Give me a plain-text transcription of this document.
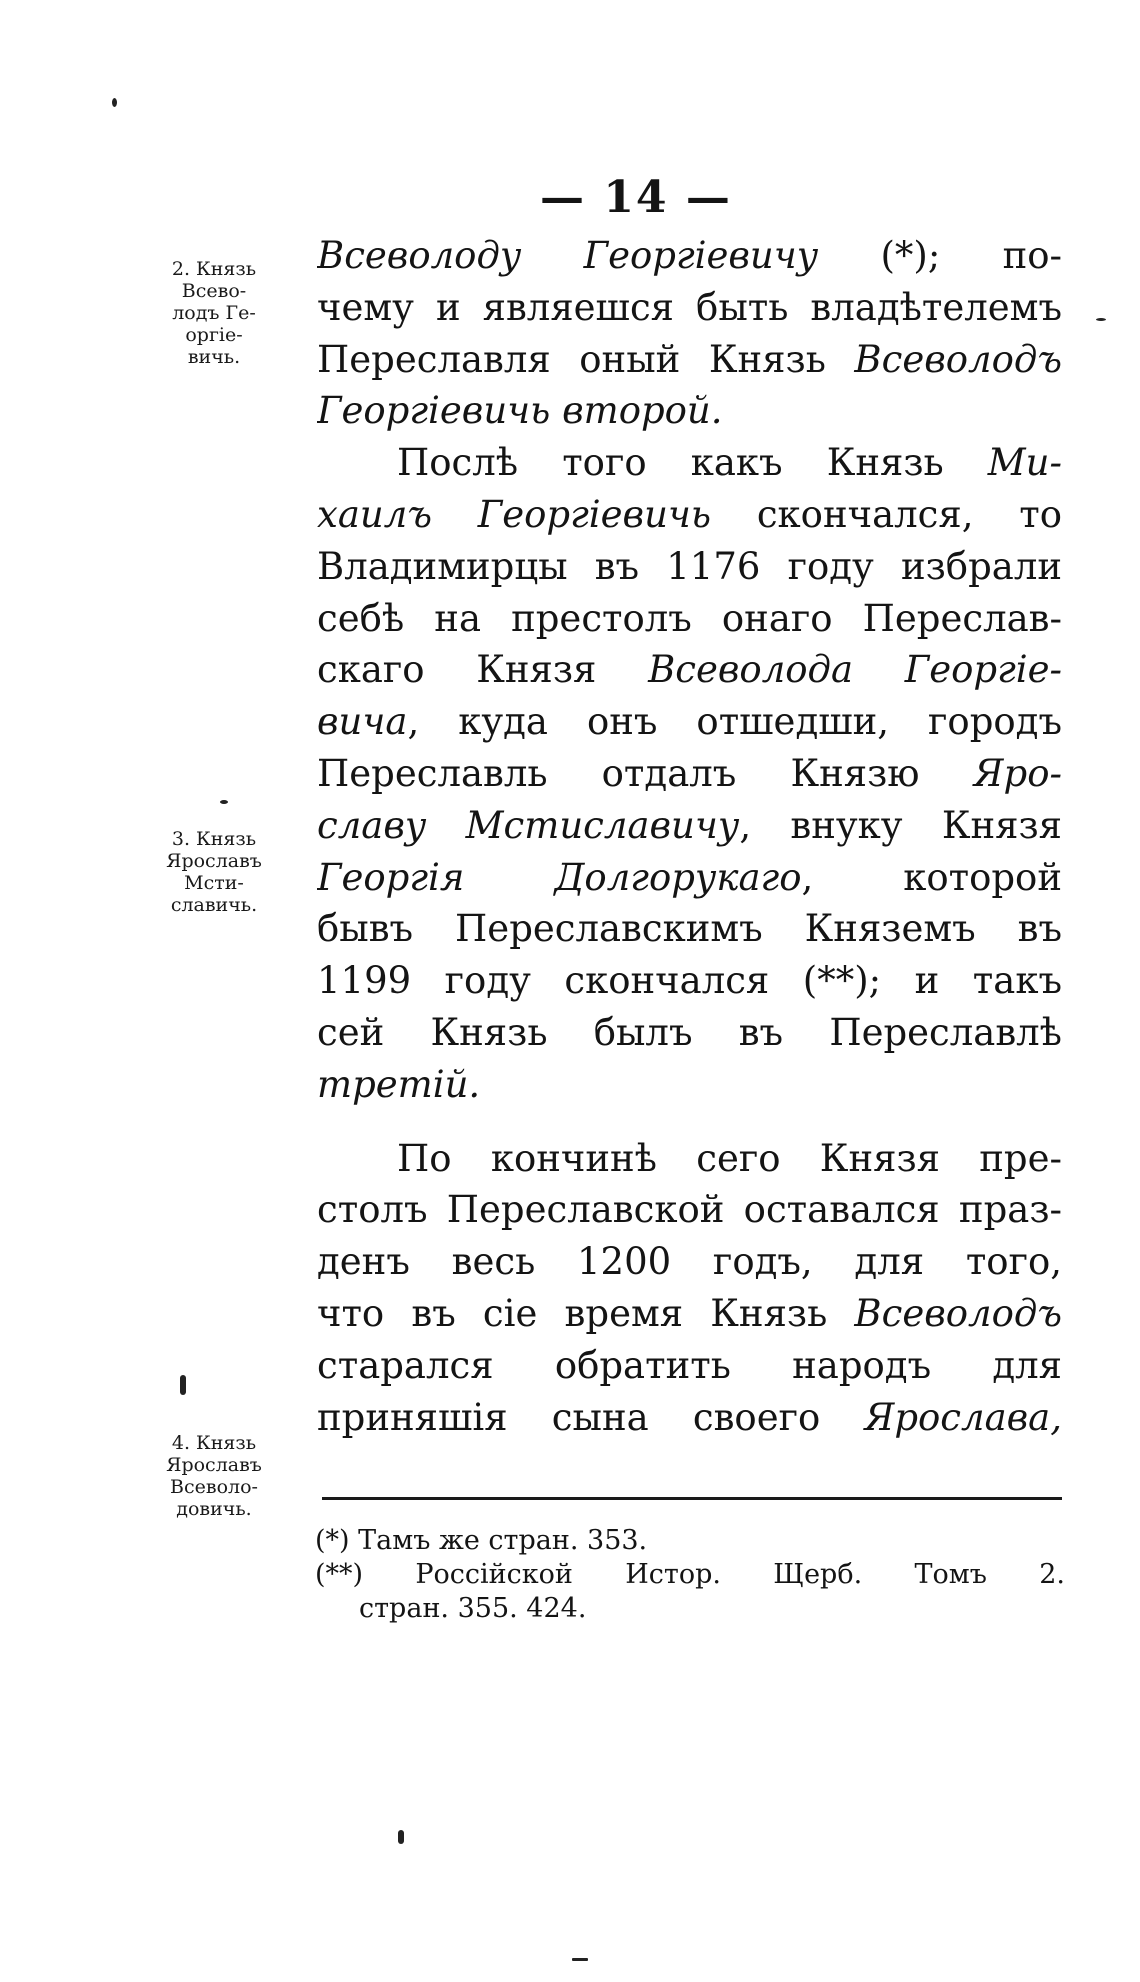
— 14 —
2. Князь
Всево-
лодъ Ге-
оргiе-
вичь.
3. Князь
Ярославъ
Мсти-
славичь.
4. Князь
Ярославъ
Всеволо-
довичь.
Всеволоду Георгiевичу (*); по-
чему и являешся быть владѣтелемъ
Переславля оный Князь Всеволодъ
Георгiевичь второй.
Послѣ того какъ Князь Ми-
хаилъ Георгiевичь скончался, то
Владимирцы въ 1176 году избрали
себѣ на престолъ онаго Переслав-
скаго Князя Всеволода Георгiе-
вича, куда онъ отшедши, городъ
Переславль отдалъ Князю Яро-
славу Мстиславичу, внуку Князя
Георгiя Долгорукаго, которой
бывъ Переславскимъ Княземъ въ
1199 году скончался (**); и такъ
сей Князь былъ въ Переславлѣ
третiй.
По кончинѣ сего Князя пре-
столъ Переславской оставался праз-
денъ весь 1200 годъ, для того,
что въ сiе время Князь Всеволодъ
старался обратить народъ для
приняшiя сына своего Ярослава,
(*) Тамъ же стран. 353.
(**) Россiйской Истор. Щерб. Томъ 2.
стран. 355. 424.
